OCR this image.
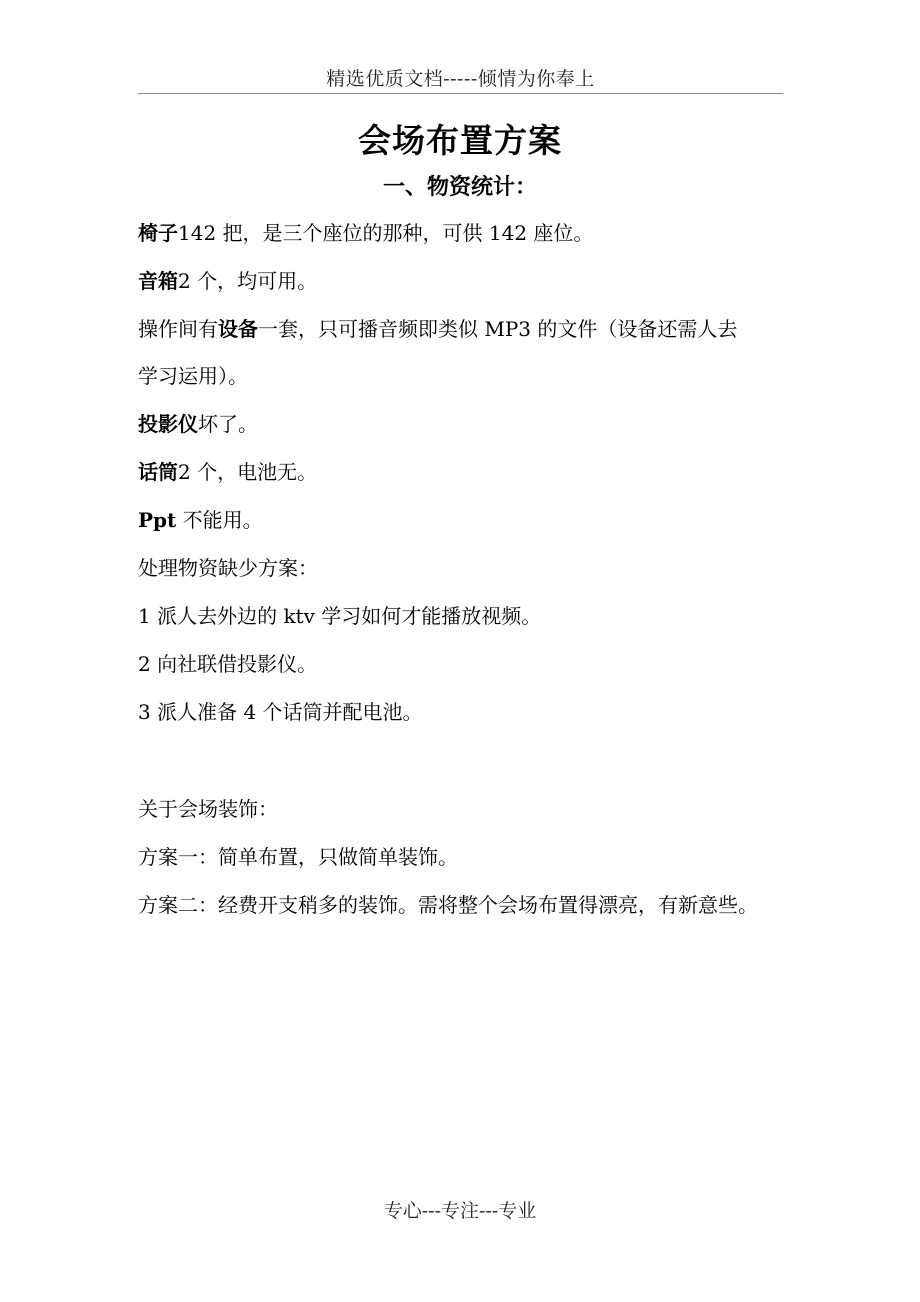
精选优质文档-----倾情为你奉上
会场布置方案
一、物资统计：
椅子142 把，是三个座位的那种，可供 142 座位。
音箱2 个，均可用。
操作间有设备一套，只可播音频即类似 MP3 的文件（设备还需人去
学习运用）。
投影仪坏了。
话筒2 个，电池无。
Ppt 不能用。
处理物资缺少方案：
1 派人去外边的 ktv 学习如何才能播放视频。
2 向社联借投影仪。
3 派人准备 4 个话筒并配电池。
关于会场装饰：
方案一：简单布置，只做简单装饰。
方案二：经费开支稍多的装饰。需将整个会场布置得漂亮，有新意些。
专心---专注---专业
